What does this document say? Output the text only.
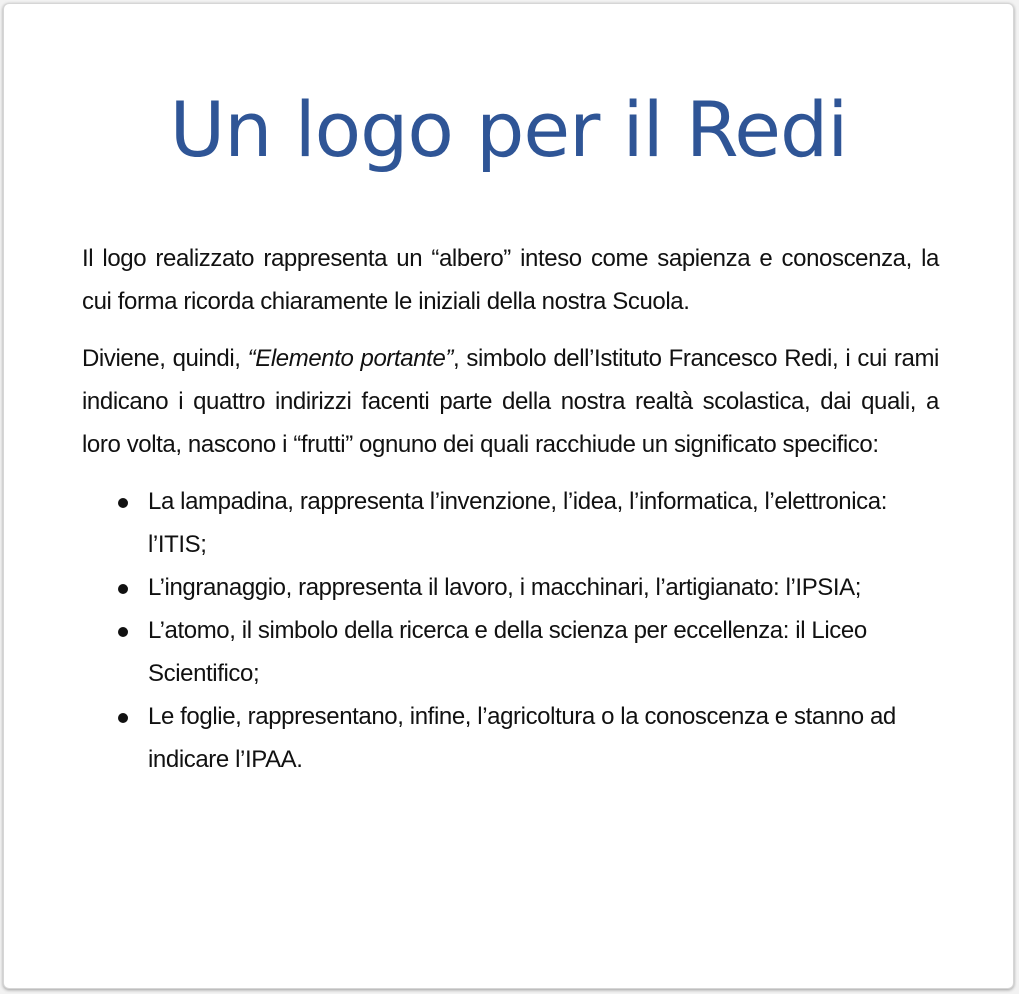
Un logo per il Redi

Il logo realizzato rappresenta un “albero” inteso come sapienza e conoscenza, la cui forma ricorda chiaramente le iniziali della nostra Scuola.

Diviene, quindi, “Elemento portante”, simbolo dell’Istituto Francesco Redi, i cui rami indicano i quattro indirizzi facenti parte della nostra realtà scolastica, dai quali, a loro volta, nascono i “frutti” ognuno dei quali racchiude un significato specifico:

La lampadina, rappresenta l’invenzione, l’idea, l’informatica, l’elettronica: l’ITIS;
L’ingranaggio, rappresenta il lavoro, i macchinari, l’artigianato: l’IPSIA;
L’atomo, il simbolo della ricerca e della scienza per eccellenza: il Liceo Scientifico;
Le foglie, rappresentano, infine, l’agricoltura o la conoscenza e stanno ad indicare l’IPAA.
